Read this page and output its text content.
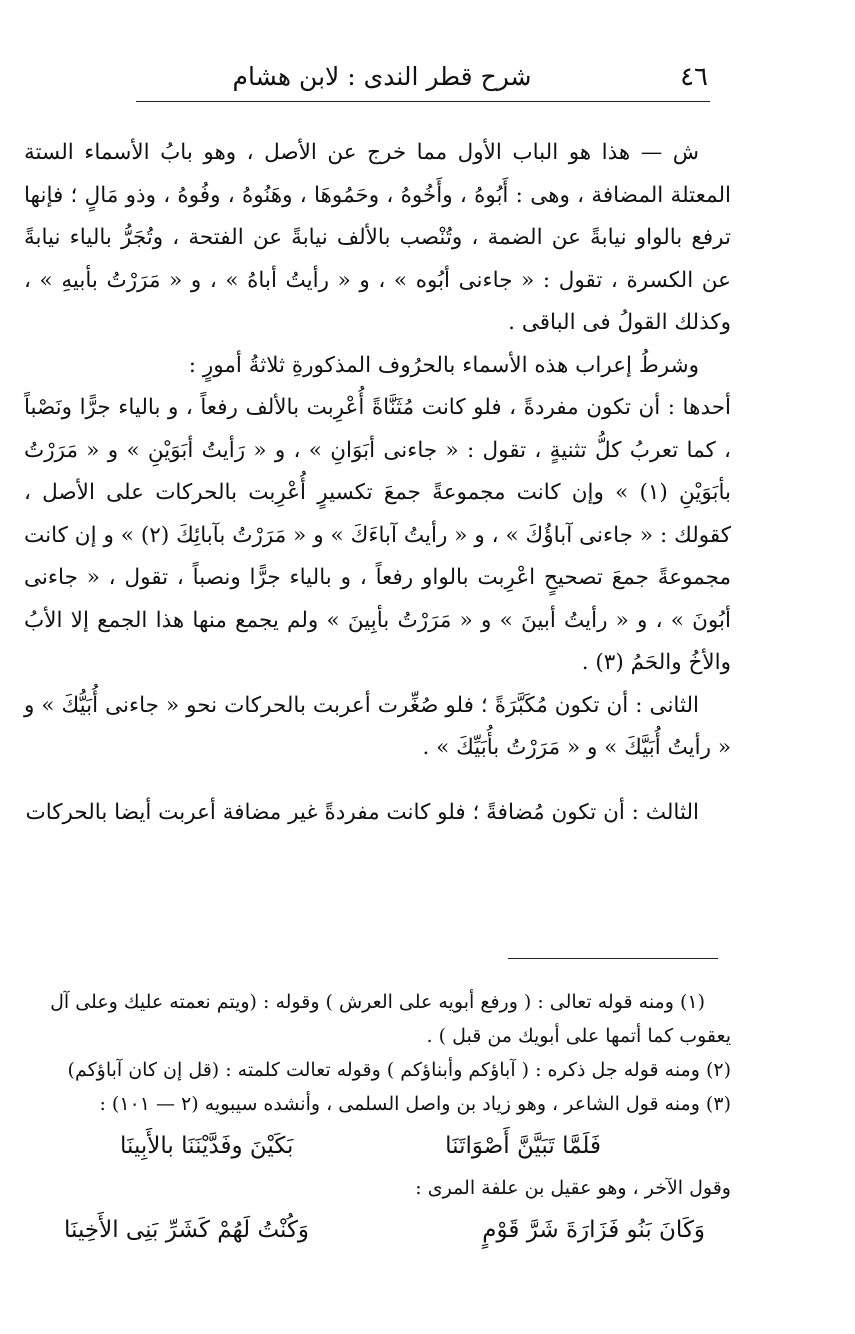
٤٦
شرح قطر الندى : لابن هشام

ش — هذا هو الباب الأول مما خرج عن الأصل ، وهو بابُ الأسماء الستة المعتلة المضافة ، وهى : أَبُوهُ ، وأَخُوهُ ، وحَمُوهَا ، وهَنُوهُ ، وفُوهُ ، وذو مَالٍ ؛ فإنها ترفع بالواو نيابةً عن الضمة ، وتُنْصب بالألف نيابةً عن الفتحة ، وتُجَرُّ بالياء نيابةً عن الكسرة ، تقول : « جاءنى أبُوه » ، و « رأيتُ أباهُ » ، و « مَرَرْتُ بأبيهِ » ، وكذلك القولُ فى الباقى .

وشرطُ إعراب هذه الأسماء بالحرُوف المذكورةِ ثلاثةُ أمورٍ :

أحدها : أن تكون مفردةً ، فلو كانت مُثَنَّاةً أُعْرِبت بالألف رفعاً ، و بالياء جرًّا ونَصْباً ، كما تعربُ كلُّ تثنيةٍ ، تقول : « جاءنى أبَوَانِ » ، و « رَأيتُ أبَوَيْنِ » و « مَرَرْتُ بأبَوَيْنِ (١) » وإن كانت مجموعةً جمعَ تكسيرٍ أُعْرِبت بالحركات على الأصل ، كقولك : « جاءنى آباؤُكَ » ، و « رأيتُ آباءَكَ » و « مَرَرْتُ بآبائِكَ (٢) » و إن كانت مجموعةً جمعَ تصحيحٍ اعْرِبت بالواو رفعاً ، و بالياء جرًّا ونصباً ، تقول ، « جاءنى أبُونَ » ، و « رأيتُ أبينَ » و « مَرَرْتُ بأبِينَ » ولم يجمع منها هذا الجمع إلا الأبُ والأخُ والحَمُ (٣) .

الثانى : أن تكون مُكَبَّرَةً ؛ فلو صُغِّرت أعربت بالحركات نحو « جاءنى أُبَيُّكَ » و « رأيتُ أُبَيَّكَ » و « مَرَرْتُ بأُبَيِّكَ » .

الثالث : أن تكون مُضافةً ؛ فلو كانت مفردةً غير مضافة أعربت أيضا بالحركات

(١) ومنه قوله تعالى : ( ورفع أبويه على العرش ) وقوله : (ويتم نعمته عليك وعلى آل يعقوب كما أتمها على أبويك من قبل ) .

(٢) ومنه قوله جل ذكره : ( آباؤكم وأبناؤكم ) وقوله تعالت كلمته : (قل إن كان آباؤكم)

(٣) ومنه قول الشاعر ، وهو زياد بن واصل السلمى ، وأنشده سيبويه (٢ — ١٠١) :

فَلَمَّا تَبَيَّنَّ أَصْوَاتَنَا
بَكَيْنَ وفَدَّيْنَنَا بالأَبِينَا

وقول الآخر ، وهو عقيل بن علفة المرى :

وَكَانَ بَنُو فَزَارَةَ شَرَّ قَوْمٍ
وَكُنْتُ لَهُمْ كَشَرِّ بَنِى الأَخِينَا
